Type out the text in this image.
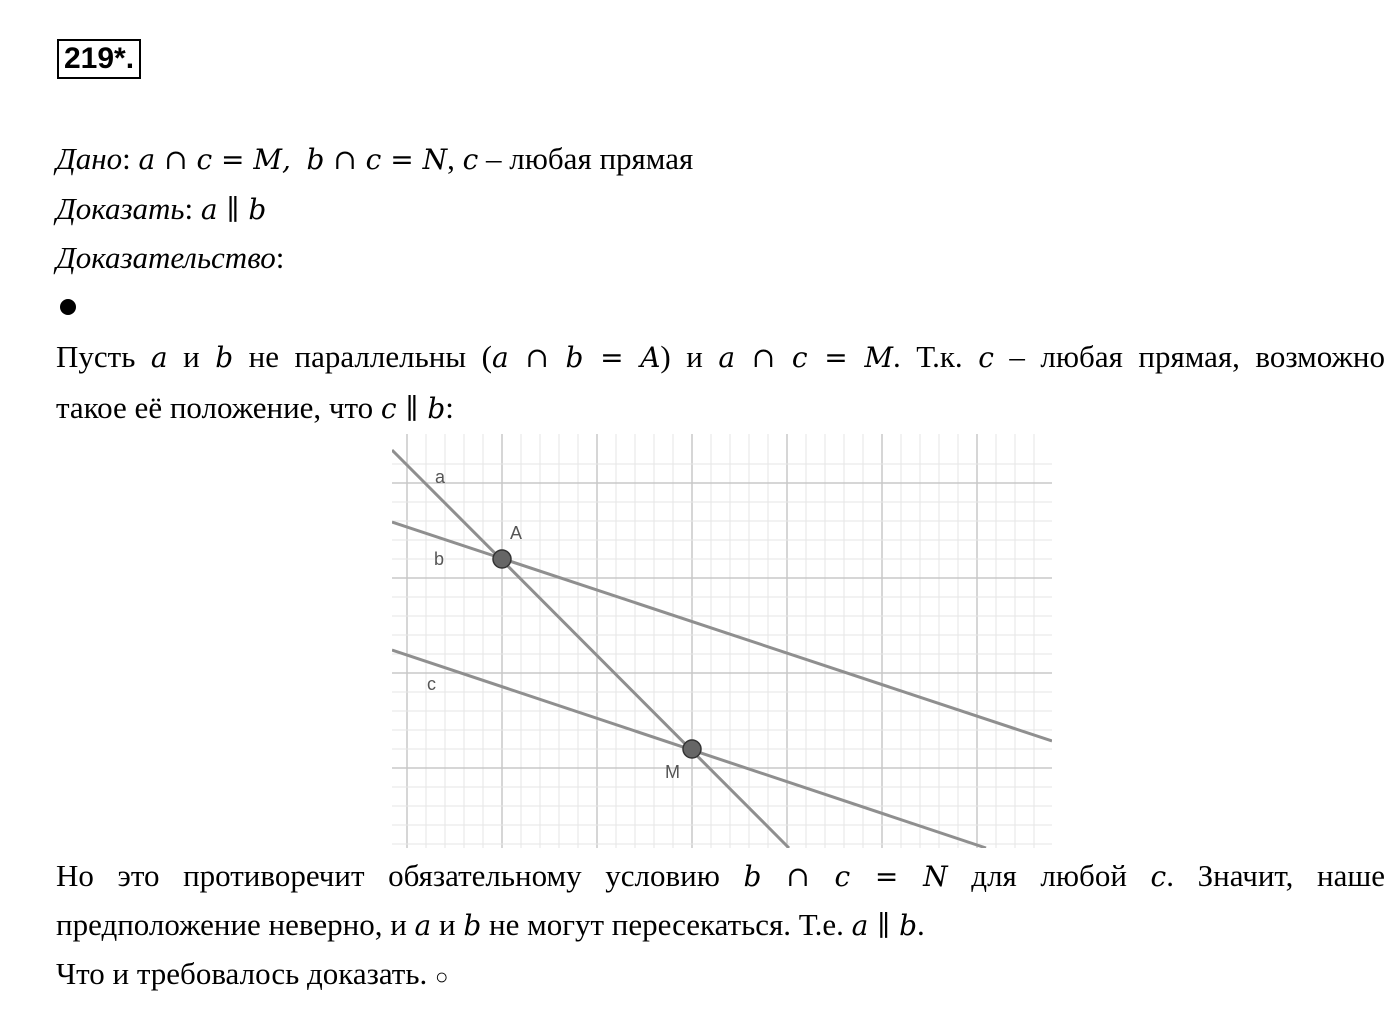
219*.
Дано: a ∩ c = M, b ∩ c = N, c – любая прямая
Доказать: a ∥ b
Доказательство:
Пусть a и b не параллельны (a ∩ b = A) и a ∩ c = M. Т.к. c – любая прямая, возможно
такое её положение, что c ∥ b:
a
b
c
A
M
Но это противоречит обязательному условию b ∩ c = N для любой c. Значит, наше
предположение неверно, и a и b не могут пересекаться. Т.е. a ∥ b.
Что и требовалось доказать. ○
